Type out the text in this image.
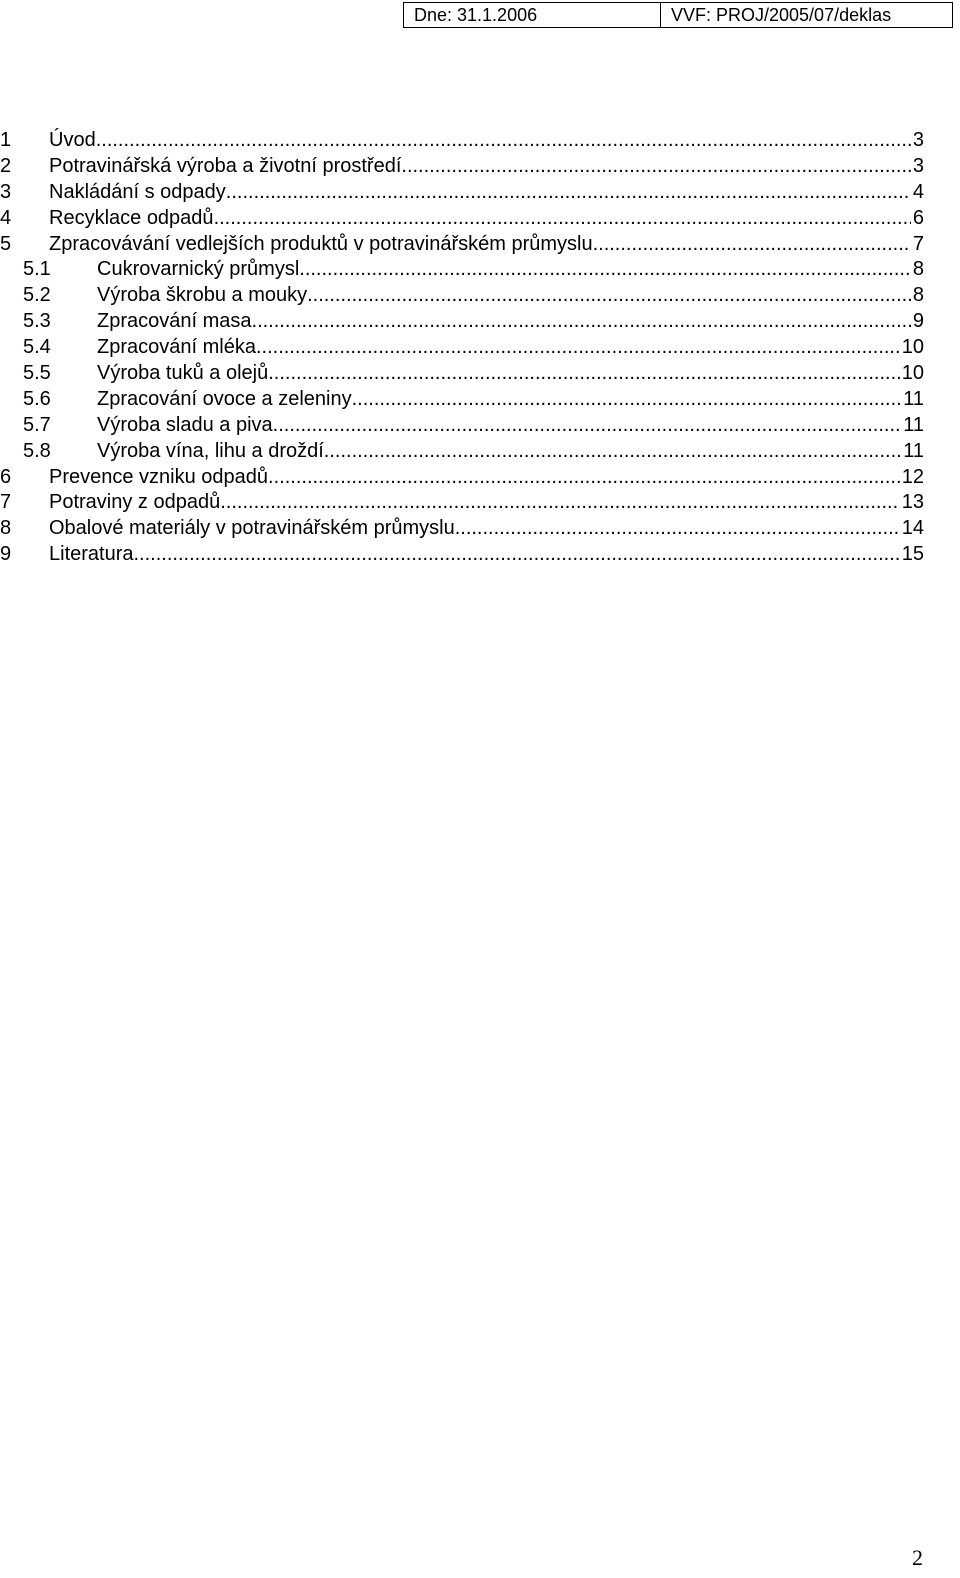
Dne: 31.1.2006	VVF: PROJ/2005/07/deklas
1	Úvod .....	3
2	Potravinářská výroba a životní prostředí .....	3
3	Nakládání s odpady .....	4
4	Recyklace odpadů .....	6
5	Zpracovávání vedlejších produktů v potravinářském průmyslu .....	7
5.1	Cukrovarnický průmysl .....	8
5.2	Výroba škrobu a mouky .....	8
5.3	Zpracování masa .....	9
5.4	Zpracování mléka .....	10
5.5	Výroba tuků a olejů .....	10
5.6	Zpracování ovoce a zeleniny .....	11
5.7	Výroba sladu a piva .....	11
5.8	Výroba vína, lihu a droždí .....	11
6	Prevence vzniku odpadů .....	12
7	Potraviny z odpadů .....	13
8	Obalové materiály v potravinářském průmyslu .....	14
9	Literatura .....	15
2
